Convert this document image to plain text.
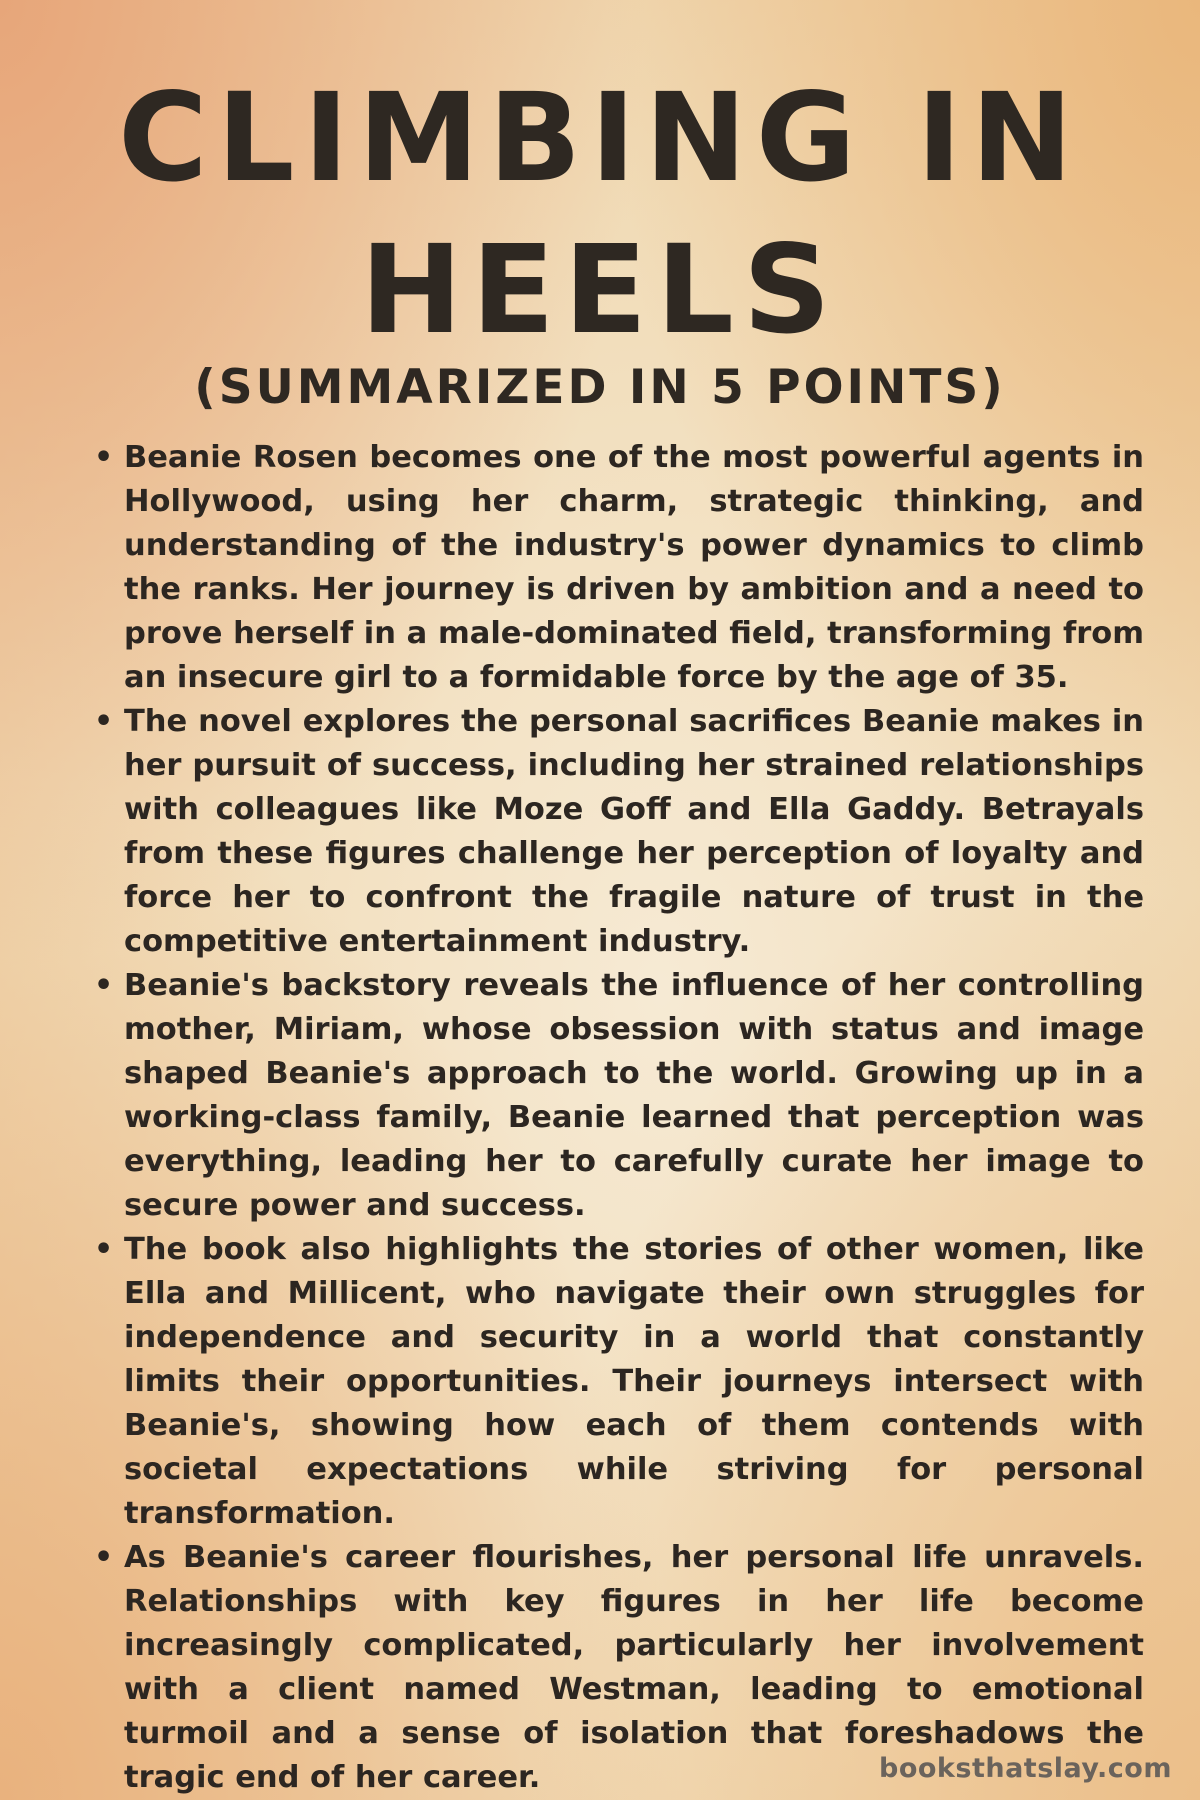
CLIMBING IN HEELS
(SUMMARIZED IN 5 POINTS)
• Beanie Rosen becomes one of the most powerful agents in Hollywood, using her charm, strategic thinking, and understanding of the industry's power dynamics to climb the ranks. Her journey is driven by ambition and a need to prove herself in a male-dominated field, transforming from an insecure girl to a formidable force by the age of 35.
• The novel explores the personal sacrifices Beanie makes in her pursuit of success, including her strained relationships with colleagues like Moze Goff and Ella Gaddy. Betrayals from these figures challenge her perception of loyalty and force her to confront the fragile nature of trust in the competitive entertainment industry.
• Beanie's backstory reveals the influence of her controlling mother, Miriam, whose obsession with status and image shaped Beanie's approach to the world. Growing up in a working-class family, Beanie learned that perception was everything, leading her to carefully curate her image to secure power and success.
• The book also highlights the stories of other women, like Ella and Millicent, who navigate their own struggles for independence and security in a world that constantly limits their opportunities. Their journeys intersect with Beanie's, showing how each of them contends with societal expectations while striving for personal transformation.
• As Beanie's career flourishes, her personal life unravels. Relationships with key figures in her life become increasingly complicated, particularly her involvement with a client named Westman, leading to emotional turmoil and a sense of isolation that foreshadows the tragic end of her career.	booksthatslay.com
